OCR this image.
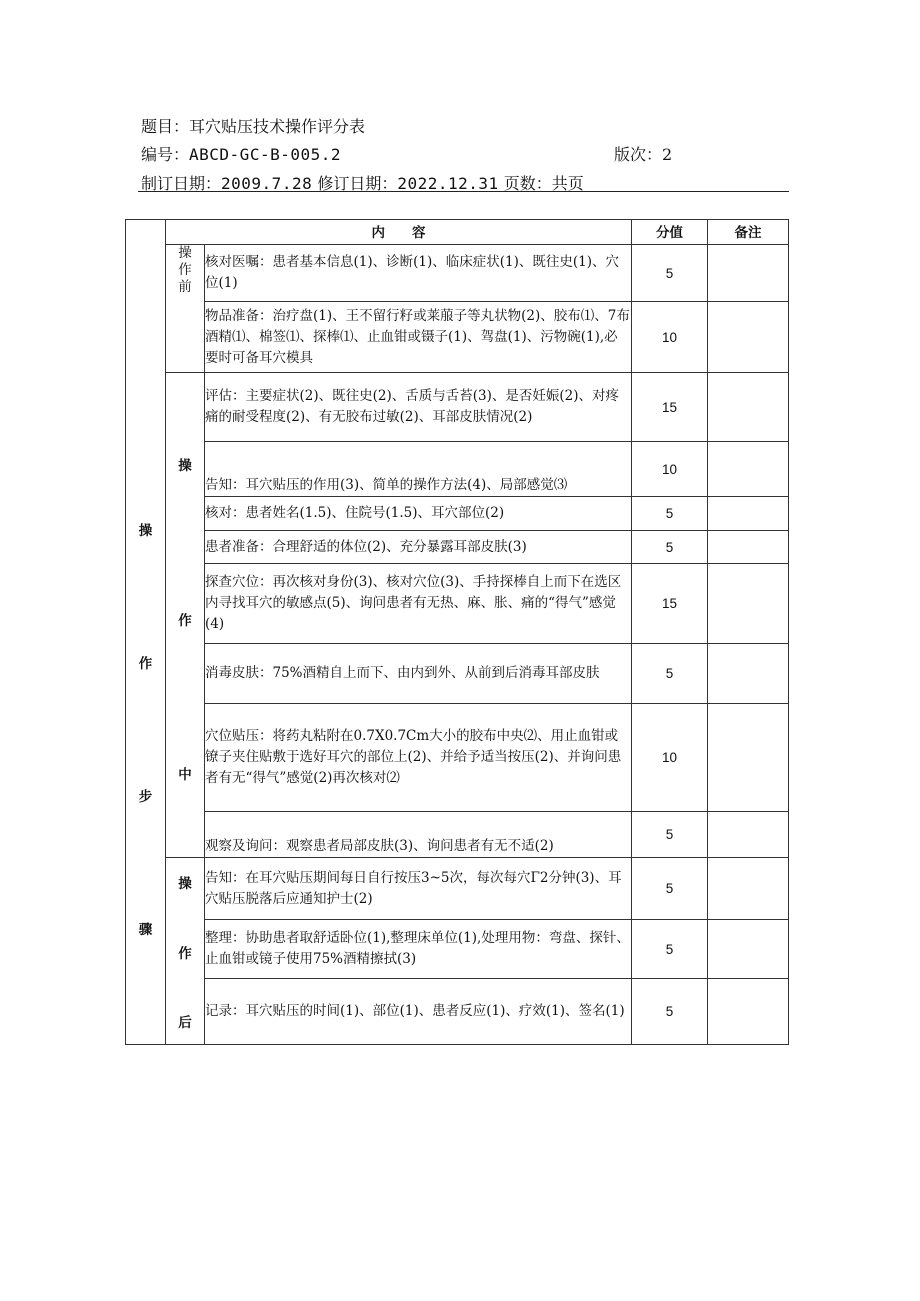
题目：耳穴贴压技术操作评分表
编号：ABCD-GC-B-005.2	版次：2
制订日期：2009.7.28 修订日期：2022.12.31 页数：共页
操
作
步
骤	内　　容		分值	备注

	操
作
前	核对医嘱：患者基本信息(1)、诊断(1)、临床症状(1)、既往史(1)、穴位(1)	5	
		物品准备：治疗盘(1)、王不留行籽或莱菔子等丸状物(2)、胶布⑴、7布酒精⑴、棉签⑴、探棒⑴、止血钳或镊子(1)、驾盘(1)、污物碗(1),必要时可备耳穴模具	10	

	操
作
中	评估：主要症状(2)、既往史(2)、舌质与舌苔(3)、是否妊娠(2)、对疼痛的耐受程度(2)、有无胶布过敏(2)、耳部皮肤情况(2)	15	
		告知：耳穴贴压的作用(3)、简单的操作方法(4)、局部感觉⑶	10	
		核对：患者姓名(1.5)、住院号(1.5)、耳穴部位(2)	5	
		患者准备：合理舒适的体位(2)、充分暴露耳部皮肤(3)	5	
		探查穴位：再次核对身份(3)、核对穴位(3)、手持探棒自上而下在选区内寻找耳穴的敏感点(5)、询问患者有无热、麻、胀、痛的“得气”感觉(4)	15	
		消毒皮肤：75%酒精自上而下、由内到外、从前到后消毒耳部皮肤	5	
		穴位贴压：将药丸粘附在0.7X0.7Cm大小的胶布中央⑵、用止血钳或镣子夹住贴敷于选好耳穴的部位上(2)、并给予适当按压(2)、并询问患者有无“得气”感觉(2)再次核对⑵	10	
		观察及询问：观察患者局部皮肤(3)、询问患者有无不适(2)	5	

	操
作
后	告知：在耳穴贴压期间每日自行按压3~5次，每次每穴Γ2分钟(3)、耳穴贴压脱落后应通知护士(2)	5	
		整理：协助患者取舒适卧位(1),整理床单位(1),处理用物：弯盘、探针、止血钳或镜子使用75%酒精擦拭(3)	5	
		记录：耳穴贴压的时间(1)、部位(1)、患者反应(1)、疗效(1)、签名(1)	5	
